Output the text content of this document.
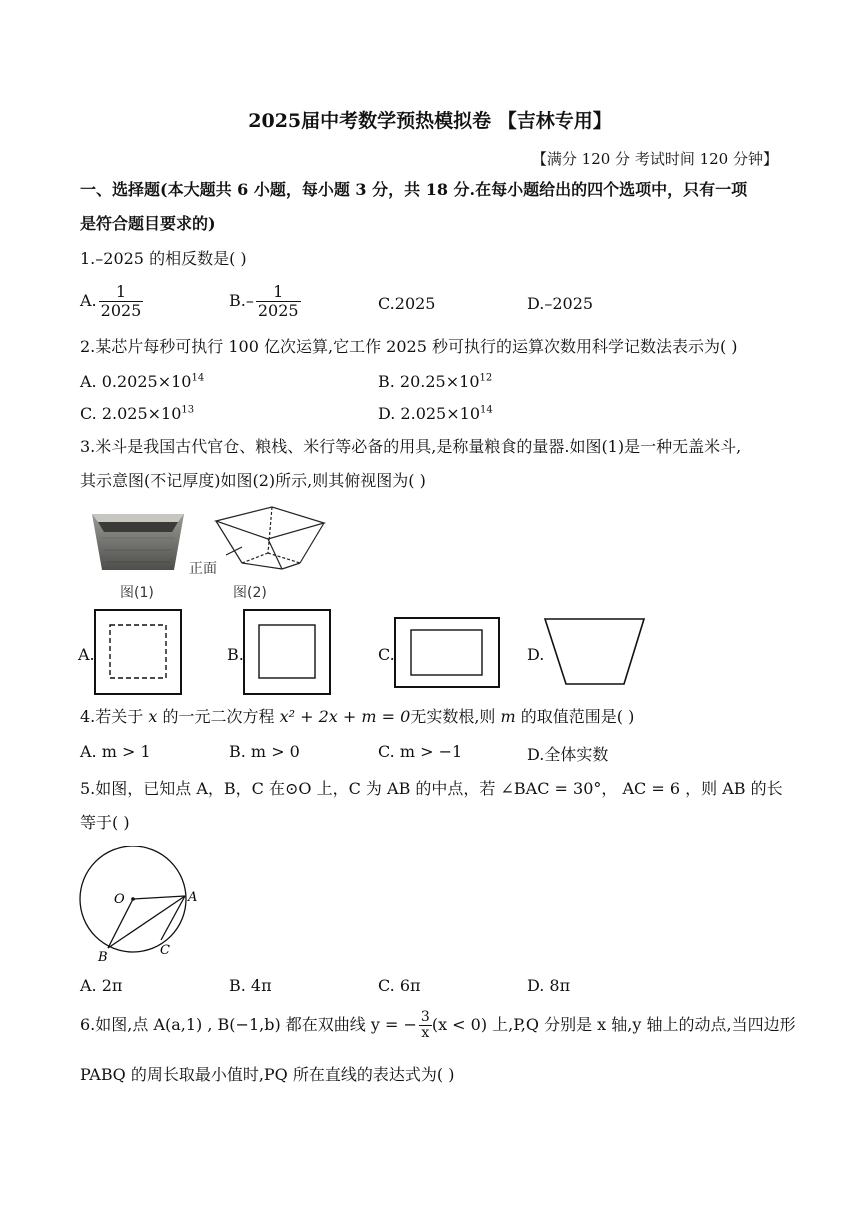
2025届中考数学预热模拟卷 【吉林专用】
【满分 120 分 考试时间 120 分钟】
一、选择题(本大题共 6 小题，每小题 3 分，共 18 分.在每小题给出的四个选项中，只有一项
是符合题目要求的)
1.–2025 的相反数是( )
A. $\frac{1}{2025}$	$B.- \frac{1}{2025}$	C.2025	D.–2025
2.某芯片每秒可执行 100 亿次运算,它工作 2025 秒可执行的运算次数用科学记数法表示为( )
A. $0.2025\times 10^{14}$	B. $20.25\times 10^{12}$
C. $2.025\times 10^{13}$	D. $2.025\times 10^{14}$
3.米斗是我国古代官仓、粮栈、米行等必备的用具,是称量粮食的量器.如图(1)是一种无盖米斗,
其示意图(不记厚度)如图(2)所示,则其俯视图为( )
图(1)
正面
图(2)
A.	B.	C.	D.
4.若关于 x 的一元二次方程 x² + 2x + m = 0无实数根,则 m 的取值范围是( )
A. m > 1	B. m > 0	C. m > −1	D.全体实数
5.如图，已知点 A，B，C 在⊙O 上，C 为 AB 的中点，若 ∠BAC = 30°， AC = 6 ，则 AB 的长
等于( )
O	A
B	C
A. 2π	B. 4π	C. 6π	D. 8π
6.如图,点 A(a,1) , B(−1,b) 都在双曲线 y = − $\frac{3}{x} (x < 0)$ 上,P,Q 分别是 x 轴,y 轴上的动点,当四边形
PABQ 的周长取最小值时,PQ 所在直线的表达式为( )
